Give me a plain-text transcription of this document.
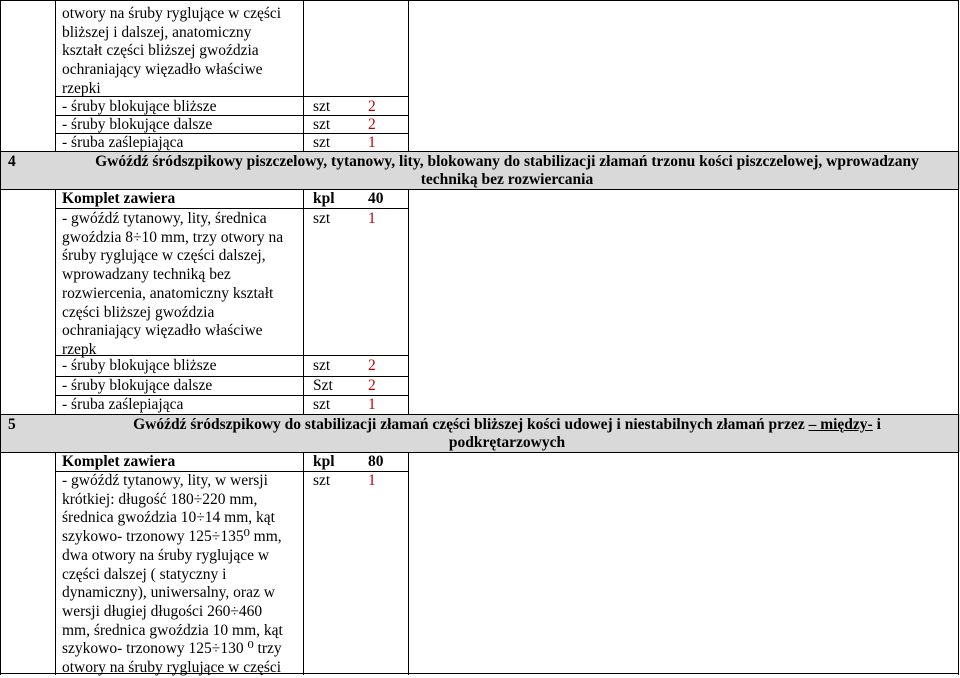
otwory na śruby ryglujące w części
bliższej i dalszej, anatomiczny
kształt części bliższej gwoździa
ochraniający więzadło właściwe
rzepki
- śruby blokujące bliższe	szt 2
- śruby blokujące dalsze	szt 2
- śruba zaślepiająca	szt 1
4	Gwóźdź śródszpikowy piszczelowy, tytanowy, lity, blokowany do stabilizacji złamań trzonu kości piszczelowej, wprowadzany
techniką bez rozwiercania
Komplet zawiera	kpl 40
- gwóźdź tytanowy, lity, średnica
gwoździa 8÷10 mm, trzy otwory na
śruby ryglujące w części dalszej,
wprowadzany techniką bez
rozwiercenia, anatomiczny kształt
części bliższej gwoździa
ochraniający więzadło właściwe
rzepk
szt 1
- śruby blokujące bliższe	szt 2
- śruby blokujące dalsze	Szt 2
- śruba zaślepiająca	szt 1
5	Gwóźdź śródszpikowy do stabilizacji złamań części bliższej kości udowej i niestabilnych złamań przez – między- i
podkrętarzowych
Komplet zawiera	kpl 80
- gwóźdź tytanowy, lity, w wersji
krótkiej: długość 180÷220 mm,
średnica gwoździa 10÷14 mm, kąt
szykowo- trzonowy 125÷135⁰ mm,
dwa otwory na śruby ryglujące w
części dalszej ( statyczny i
dynamiczny), uniwersalny, oraz w
wersji długiej długości 260÷460
mm, średnica gwoździa 10 mm, kąt
szykowo- trzonowy 125÷130 ⁰ trzy
otwory na śruby ryglujące w części
szt 1
